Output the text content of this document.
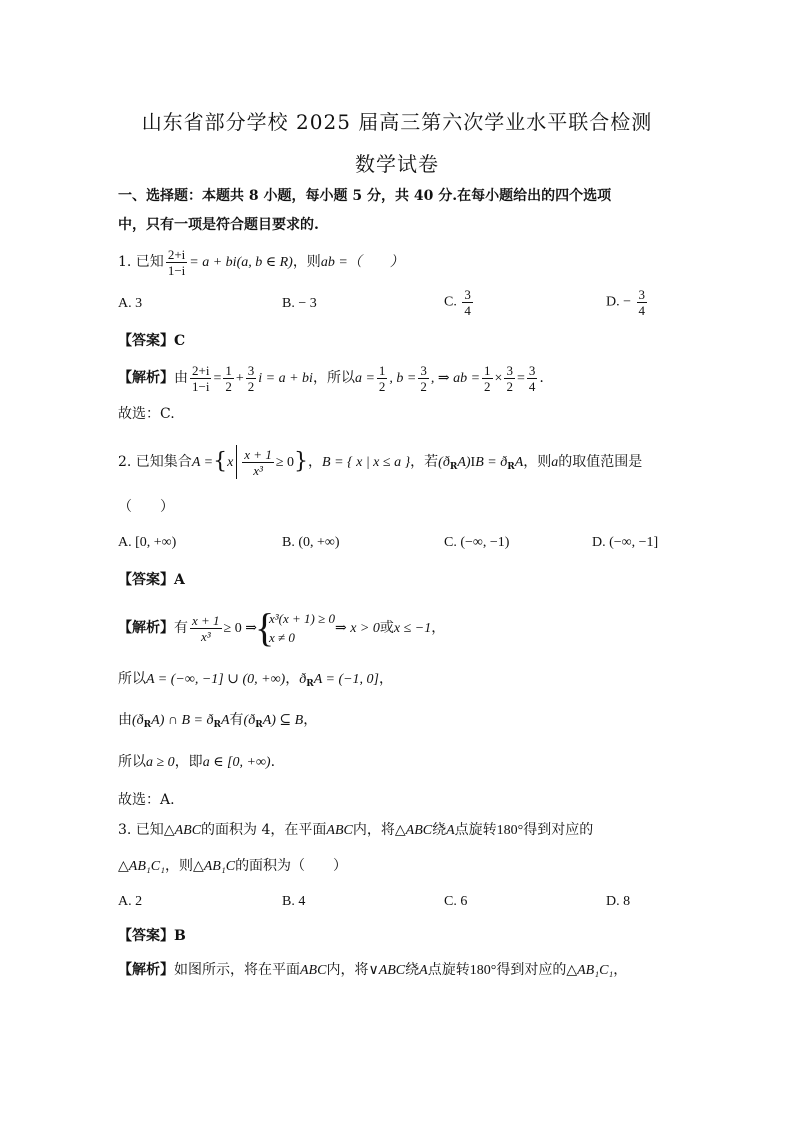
山东省部分学校 2025 届高三第六次学业水平联合检测
数学试卷
一、选择题：本题共 8 小题，每小题 5 分，共 40 分.在每小题给出的四个选项
中，只有一项是符合题目要求的.
1. 已知 $\frac{2+i}{1-i} = a + bi(a$, b ∈ R)，则ab =（　　）
A. 3	B. − 3	C. $\frac{3}{4}$	D. − $\frac{3}{4}$
【答案】C
【解析】由 $\frac{2+i}{1-i} = \frac{1}{2} + \frac{3}{2}$ i = a + bi，所以$a = \frac{1}{2}$ , $b = \frac{3}{2}$ , ⇒ ab = $\frac{1}{2} \times \frac{3}{2} = \frac{3}{4}$ .
故选：C.
2. 已知集合$A =\{x \frac{x + 1}{\text{x³}} \ge 0\}$，B = { x | x ≤ a }，若$(ð_RA)IB$ = $ð_RA$，则a的取值范围是
（　　）
A. [0, +∞)	B. (0, +∞)	C. (−∞, −1)	D. (−∞, −1]
【答案】A
【解析】有 $\frac{x + 1}{\text{x³}} \ge 0$ ⇒
{
x³(x + 1) ≥ 0
x ≠ 0
⇒ x > 0或x ≤ −1，
所以A = (−∞, −1] ∪ (0, +∞)，$ð_RA = (-1$, 0]，
由$(ð_RA)$ ∩ $B = ð_RA$有$(ð_RA)$ ⊆ B，
所以a ≥ 0，即a ∈ [0, +∞).
故选：A.
3. 已知△ABC的面积为 4，在平面ABC内，将△ABC绕A点旋转180°得到对应的
△AB₁C₁，则△AB₁C的面积为（　　）
A. 2	B. 4	C. 6	D. 8
【答案】B
【解析】如图所示，将在平面ABC内，将∨ABC绕A点旋转180°得到对应的△AB₁C₁，
